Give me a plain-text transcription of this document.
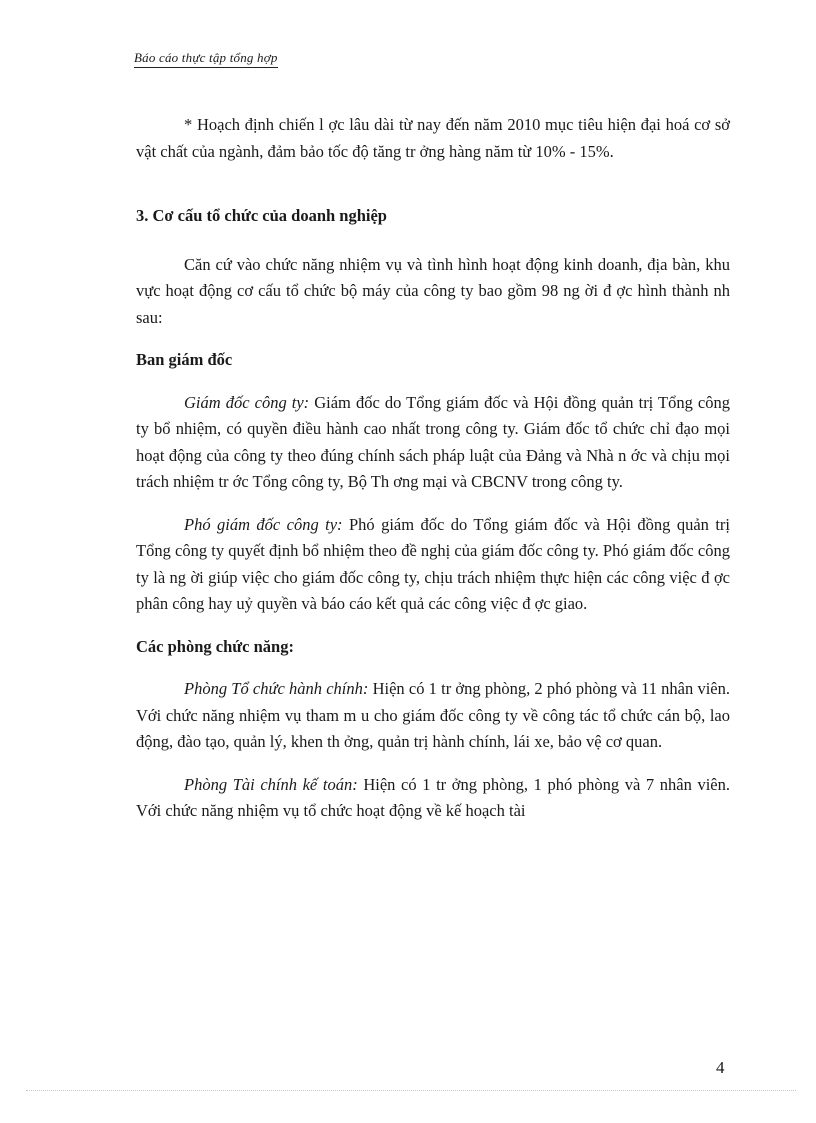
Báo cáo thực tập tổng hợp

* Hoạch định chiến l ợc lâu dài từ nay đến năm 2010 mục tiêu hiện đại hoá cơ sở vật chất của ngành, đảm bảo tốc độ tăng tr ởng hàng năm từ 10% - 15%.

3. Cơ cấu tổ chức của doanh nghiệp

Căn cứ vào chức năng nhiệm vụ và tình hình hoạt động kinh doanh, địa bàn, khu vực hoạt động cơ cấu tổ chức bộ máy của công ty bao gồm 98 ng ời đ ợc hình thành nh sau:

Ban giám đốc

Giám đốc công ty: Giám đốc do Tổng giám đốc và Hội đồng quản trị Tổng công ty bổ nhiệm, có quyền điều hành cao nhất trong công ty. Giám đốc tổ chức chỉ đạo mọi hoạt động của công ty theo đúng chính sách pháp luật của Đảng và Nhà n ớc và chịu mọi trách nhiệm tr ớc Tổng công ty, Bộ Th ơng mại và CBCNV trong công ty.

Phó giám đốc công ty: Phó giám đốc do Tổng giám đốc và Hội đồng quản trị Tổng công ty quyết định bổ nhiệm theo đề nghị của giám đốc công ty. Phó giám đốc công ty là ng ời giúp việc cho giám đốc công ty, chịu trách nhiệm thực hiện các công việc đ ợc phân công hay uỷ quyền và báo cáo kết quả các công việc đ ợc giao.

Các phòng chức năng:

Phòng Tổ chức hành chính: Hiện có 1 tr ởng phòng, 2 phó phòng và 11 nhân viên. Với chức năng nhiệm vụ tham m u cho giám đốc công ty về công tác tổ chức cán bộ, lao động, đào tạo, quản lý, khen th ởng, quản trị hành chính, lái xe, bảo vệ cơ quan.

Phòng Tài chính kế toán: Hiện có 1 tr ởng phòng, 1 phó phòng và 7 nhân viên. Với chức năng nhiệm vụ tổ chức hoạt động về kế hoạch tài

4
